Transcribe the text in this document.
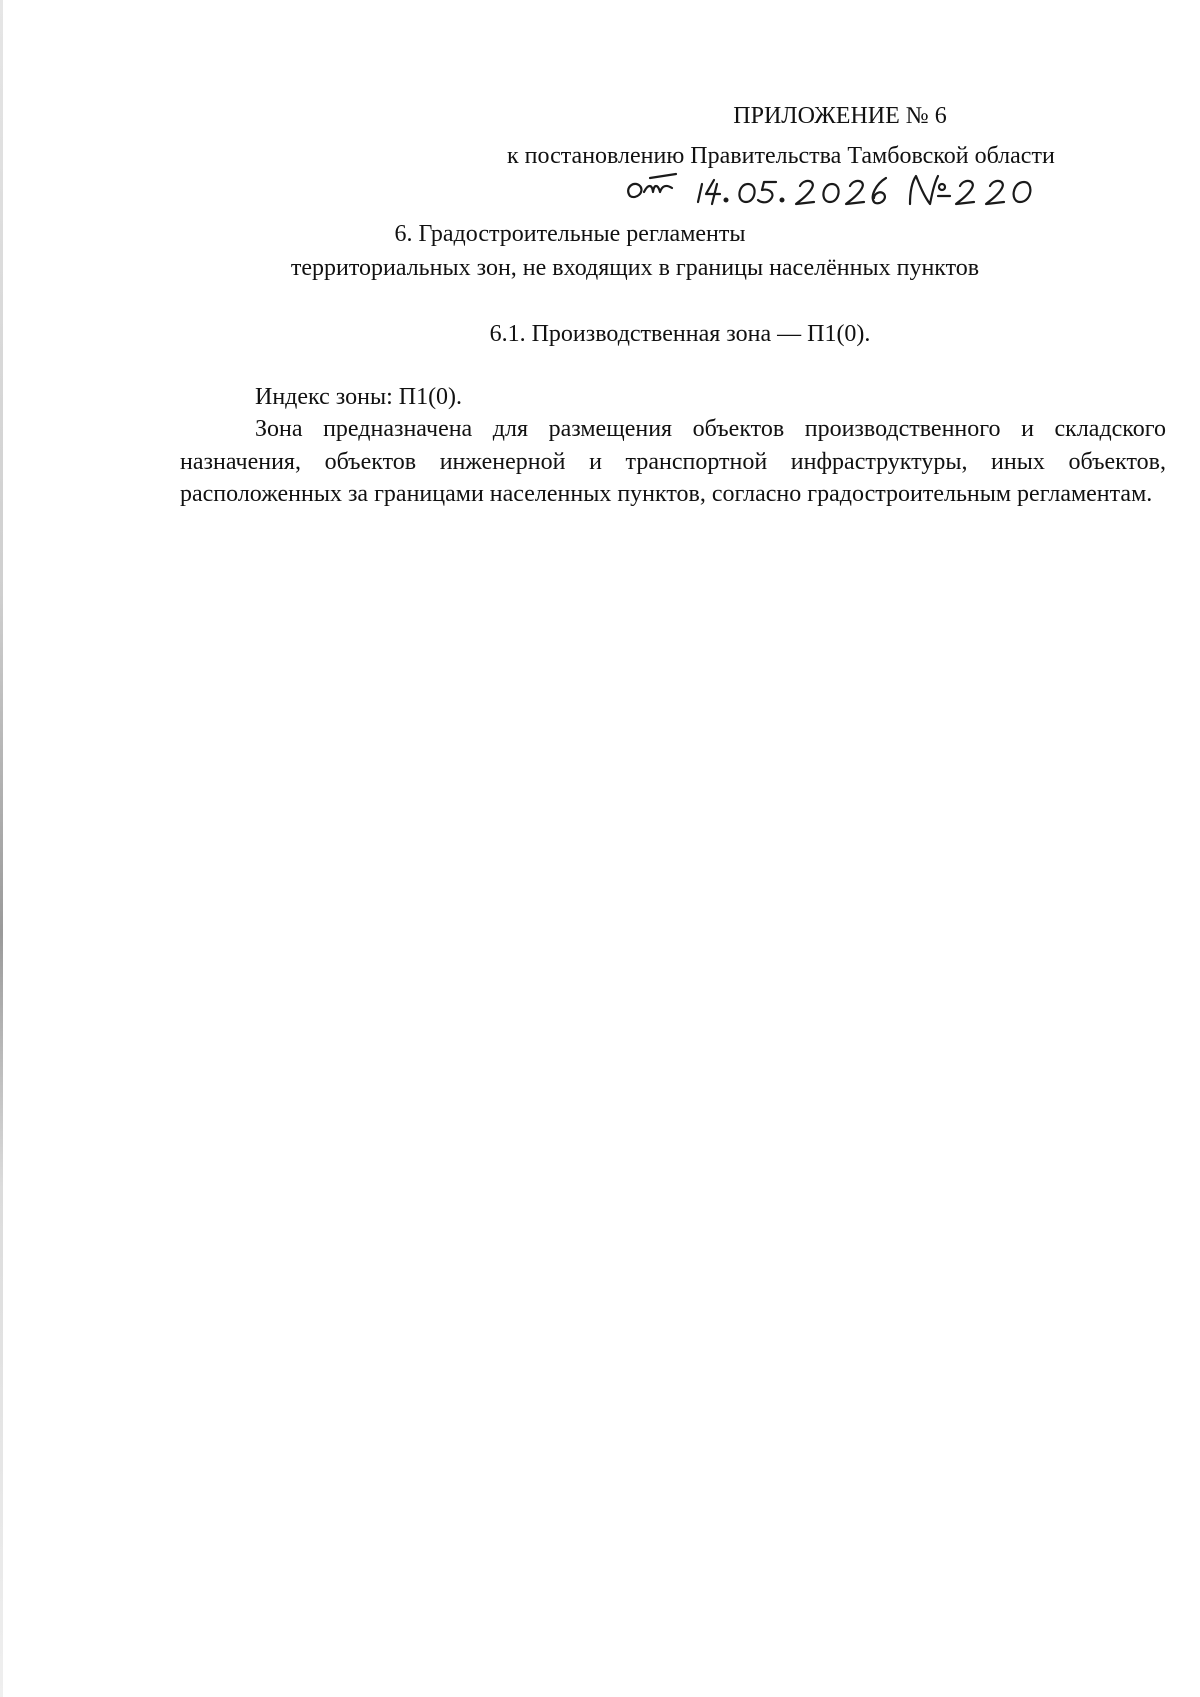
ПРИЛОЖЕНИЕ № 6
к постановлению Правительства Тамбовской области
6. Градостроительные регламенты
территориальных зон, не входящих в границы населённых пунктов
6.1. Производственная зона — П1(0).
Индекс зоны: П1(0).
Зона предназначена для размещения объектов производственного и складского назначения, объектов инженерной и транспортной инфраструктуры, иных объектов, расположенных за границами населенных пунктов, согласно градостроительным регламентам.
